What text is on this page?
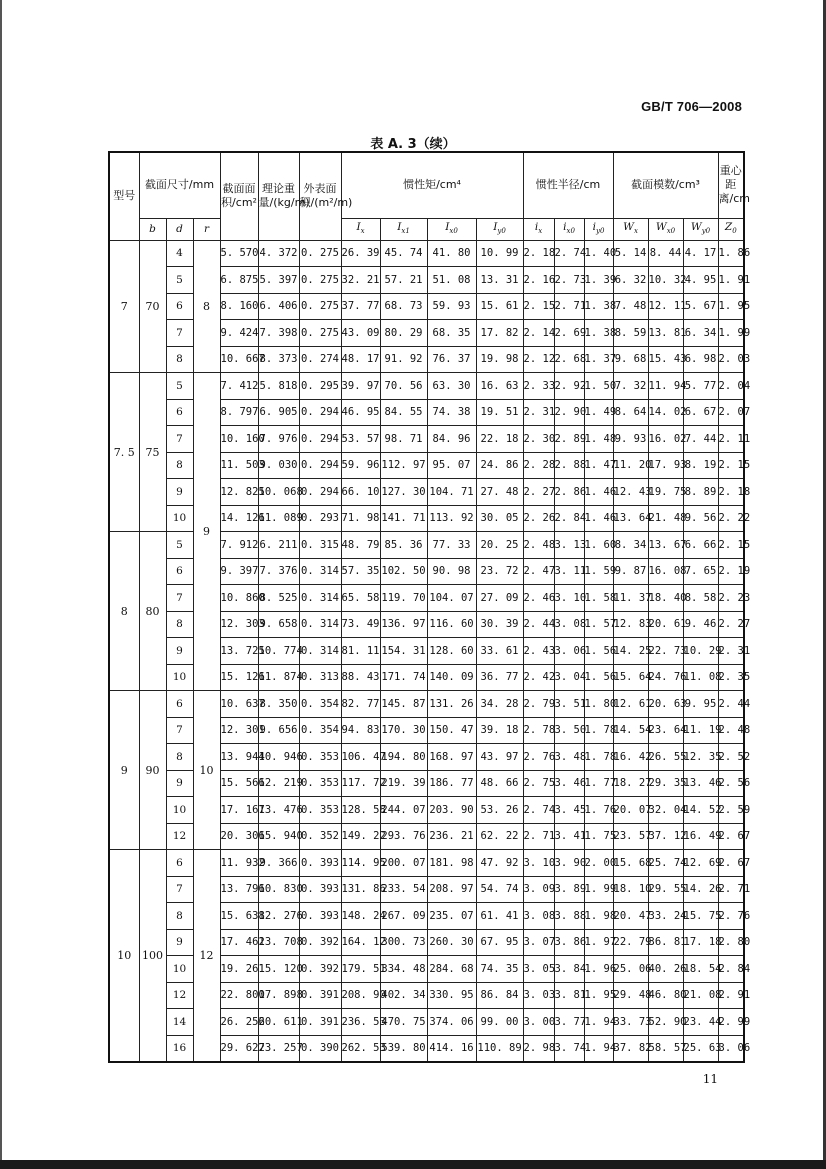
GB/T 706—2008
表 A. 3（续）
型号	截面尺寸/mm			截面面积/cm²	理论重量/(kg/m)	外表面积/(m²/m)	惯性矩/cm⁴				惯性半径/cm			截面模数/cm³			重心距离/cm
	b	d	r				$I_x$	$I_{x1}$	$I_{x0}$	$I_{y0}$	$i_x$	$i_{x0}$	$i_{y0}$	$W_x$	$W_{x0}$	$W_{y0}$	$Z_0$
7	70	4	8	5. 570	4. 372	0. 275	26. 39	45. 74	41. 80	10. 99	2. 18	2. 74	1. 40	5. 14	8. 44	4. 17	1. 86
		5		6. 875	5. 397	0. 275	32. 21	57. 21	51. 08	13. 31	2. 16	2. 73	1. 39	6. 32	10. 32	4. 95	1. 91
		6		8. 160	6. 406	0. 275	37. 77	68. 73	59. 93	15. 61	2. 15	2. 71	1. 38	7. 48	12. 11	5. 67	1. 95
		7		9. 424	7. 398	0. 275	43. 09	80. 29	68. 35	17. 82	2. 14	2. 69	1. 38	8. 59	13. 81	6. 34	1. 99
		8		10. 667	8. 373	0. 274	48. 17	91. 92	76. 37	19. 98	2. 12	2. 68	1. 37	9. 68	15. 43	6. 98	2. 03
7. 5	75	5	9	7. 412	5. 818	0. 295	39. 97	70. 56	63. 30	16. 63	2. 33	2. 92	1. 50	7. 32	11. 94	5. 77	2. 04
		6		8. 797	6. 905	0. 294	46. 95	84. 55	74. 38	19. 51	2. 31	2. 90	1. 49	8. 64	14. 02	6. 67	2. 07
		7		10. 160	7. 976	0. 294	53. 57	98. 71	84. 96	22. 18	2. 30	2. 89	1. 48	9. 93	16. 02	7. 44	2. 11
		8		11. 503	9. 030	0. 294	59. 96	112. 97	95. 07	24. 86	2. 28	2. 88	1. 47	11. 20	17. 93	8. 19	2. 15
		9		12. 825	10. 068	0. 294	66. 10	127. 30	104. 71	27. 48	2. 27	2. 86	1. 46	12. 43	19. 75	8. 89	2. 18
		10		14. 126	11. 089	0. 293	71. 98	141. 71	113. 92	30. 05	2. 26	2. 84	1. 46	13. 64	21. 48	9. 56	2. 22
8	80	5		7. 912	6. 211	0. 315	48. 79	85. 36	77. 33	20. 25	2. 48	3. 13	1. 60	8. 34	13. 67	6. 66	2. 15
		6		9. 397	7. 376	0. 314	57. 35	102. 50	90. 98	23. 72	2. 47	3. 11	1. 59	9. 87	16. 08	7. 65	2. 19
		7		10. 860	8. 525	0. 314	65. 58	119. 70	104. 07	27. 09	2. 46	3. 10	1. 58	11. 37	18. 40	8. 58	2. 23
		8		12. 303	9. 658	0. 314	73. 49	136. 97	116. 60	30. 39	2. 44	3. 08	1. 57	12. 83	20. 61	9. 46	2. 27
		9		13. 725	10. 774	0. 314	81. 11	154. 31	128. 60	33. 61	2. 43	3. 06	1. 56	14. 25	22. 73	10. 29	2. 31
		10		15. 126	11. 874	0. 313	88. 43	171. 74	140. 09	36. 77	2. 42	3. 04	1. 56	15. 64	24. 76	11. 08	2. 35
9	90	6	10	10. 637	8. 350	0. 354	82. 77	145. 87	131. 26	34. 28	2. 79	3. 51	1. 80	12. 61	20. 63	9. 95	2. 44
		7		12. 301	9. 656	0. 354	94. 83	170. 30	150. 47	39. 18	2. 78	3. 50	1. 78	14. 54	23. 64	11. 19	2. 48
		8		13. 944	10. 946	0. 353	106. 47	194. 80	168. 97	43. 97	2. 76	3. 48	1. 78	16. 42	26. 55	12. 35	2. 52
		9		15. 566	12. 219	0. 353	117. 72	219. 39	186. 77	48. 66	2. 75	3. 46	1. 77	18. 27	29. 35	13. 46	2. 56
		10		17. 167	13. 476	0. 353	128. 58	244. 07	203. 90	53. 26	2. 74	3. 45	1. 76	20. 07	32. 04	14. 52	2. 59
		12		20. 306	15. 940	0. 352	149. 22	293. 76	236. 21	62. 22	2. 71	3. 41	1. 75	23. 57	37. 12	16. 49	2. 67
10	100	6	12	11. 932	9. 366	0. 393	114. 95	200. 07	181. 98	47. 92	3. 10	3. 90	2. 00	15. 68	25. 74	12. 69	2. 67
		7		13. 796	10. 830	0. 393	131. 86	233. 54	208. 97	54. 74	3. 09	3. 89	1. 99	18. 10	29. 55	14. 26	2. 71
		8		15. 638	12. 276	0. 393	148. 24	267. 09	235. 07	61. 41	3. 08	3. 88	1. 98	20. 47	33. 24	15. 75	2. 76
		9		17. 462	13. 708	0. 392	164. 12	300. 73	260. 30	67. 95	3. 07	3. 86	1. 97	22. 79	36. 81	17. 18	2. 80
		10		19. 261	15. 120	0. 392	179. 51	334. 48	284. 68	74. 35	3. 05	3. 84	1. 96	25. 06	40. 26	18. 54	2. 84
		12		22. 800	17. 898	0. 391	208. 90	402. 34	330. 95	86. 84	3. 03	3. 81	1. 95	29. 48	46. 80	21. 08	2. 91
		14		26. 256	20. 611	0. 391	236. 53	470. 75	374. 06	99. 00	3. 00	3. 77	1. 94	33. 73	52. 90	23. 44	2. 99
		16		29. 627	23. 257	0. 390	262. 53	539. 80	414. 16	110. 89	2. 98	3. 74	1. 94	37. 82	58. 57	25. 63	3. 06
11
